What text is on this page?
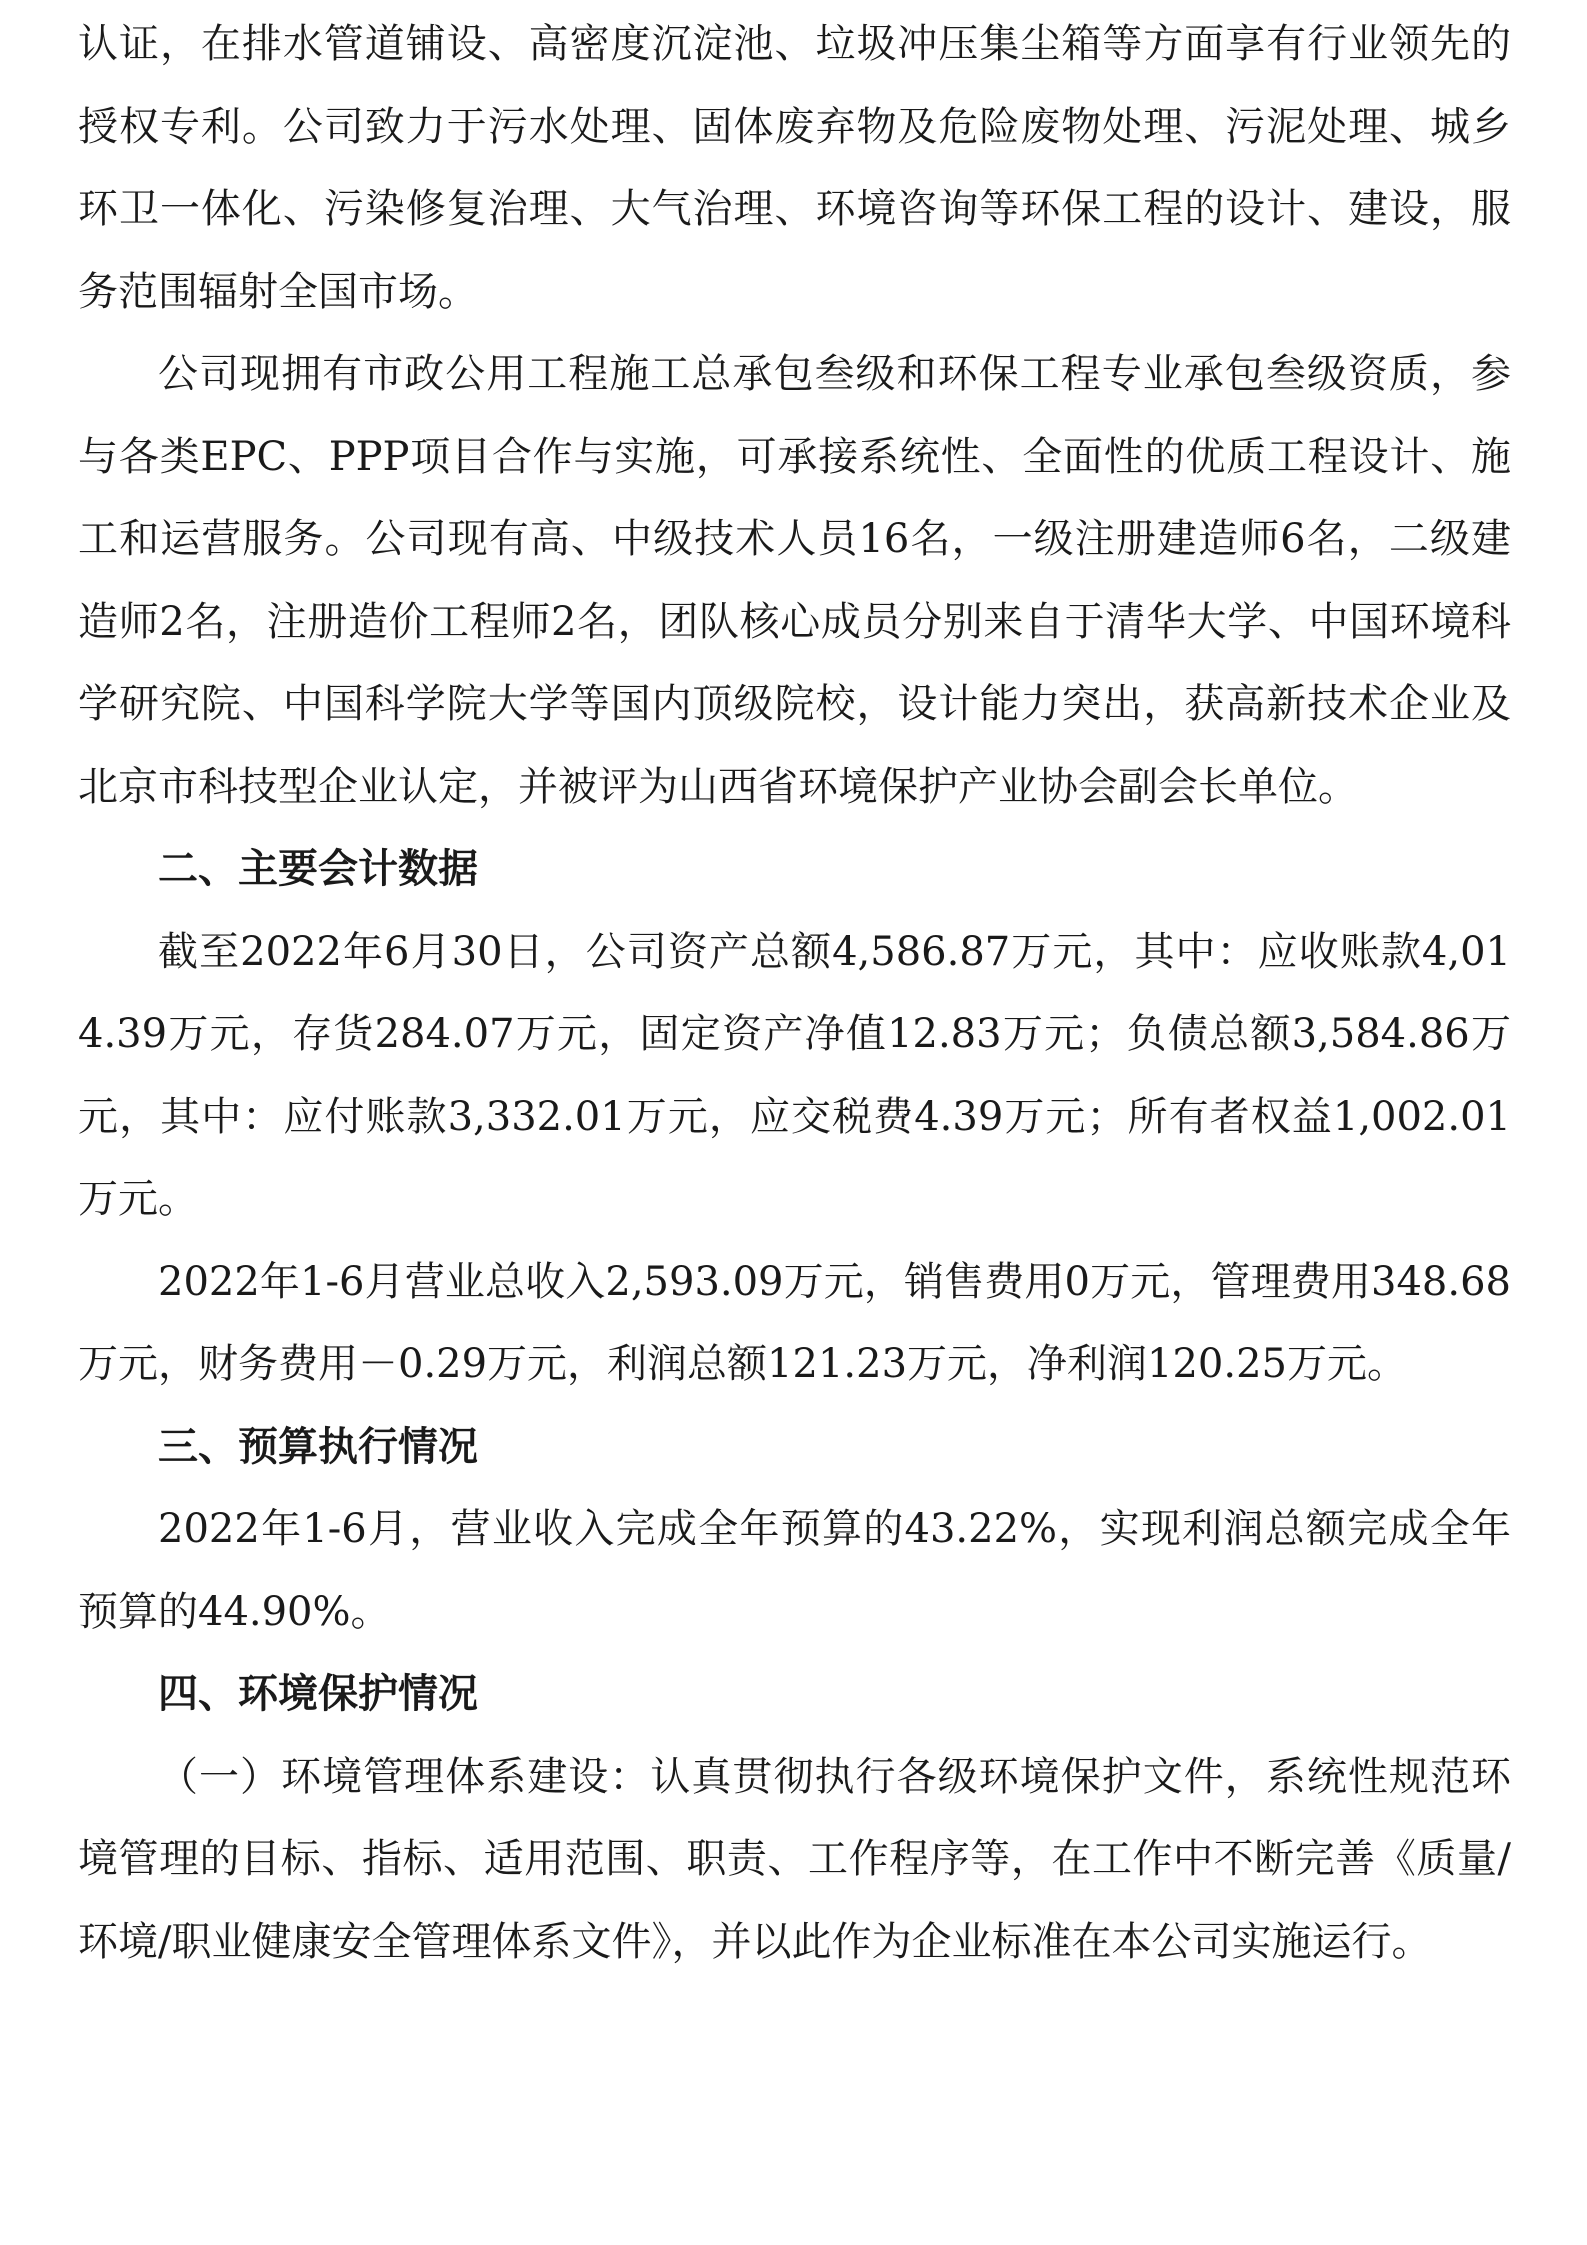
认证，在排水管道铺设、高密度沉淀池、垃圾冲压集尘箱等方面享有行业领先的授权专利。公司致力于污水处理、固体废弃物及危险废物处理、污泥处理、城乡环卫一体化、污染修复治理、大气治理、环境咨询等环保工程的设计、建设，服务范围辐射全国市场。

公司现拥有市政公用工程施工总承包叁级和环保工程专业承包叁级资质，参与各类EPC、PPP项目合作与实施，可承接系统性、全面性的优质工程设计、施工和运营服务。公司现有高、中级技术人员16名，一级注册建造师6名，二级建造师2名，注册造价工程师2名，团队核心成员分别来自于清华大学、中国环境科学研究院、中国科学院大学等国内顶级院校，设计能力突出，获高新技术企业及北京市科技型企业认定，并被评为山西省环境保护产业协会副会长单位。

二、主要会计数据

截至2022年6月30日，公司资产总额4,586.87万元，其中：应收账款4,014.39万元，存货284.07万元，固定资产净值12.83万元；负债总额3,584.86万元，其中：应付账款3,332.01万元，应交税费4.39万元；所有者权益1,002.01万元。

2022年1-6月营业总收入2,593.09万元，销售费用0万元，管理费用348.68万元，财务费用－0.29万元，利润总额121.23万元，净利润120.25万元。

三、预算执行情况

2022年1-6月，营业收入完成全年预算的43.22%，实现利润总额完成全年预算的44.90%。

四、环境保护情况

（一）环境管理体系建设：认真贯彻执行各级环境保护文件，系统性规范环境管理的目标、指标、适用范围、职责、工作程序等，在工作中不断完善《质量/环境/职业健康安全管理体系文件》，并以此作为企业标准在本公司实施运行。
